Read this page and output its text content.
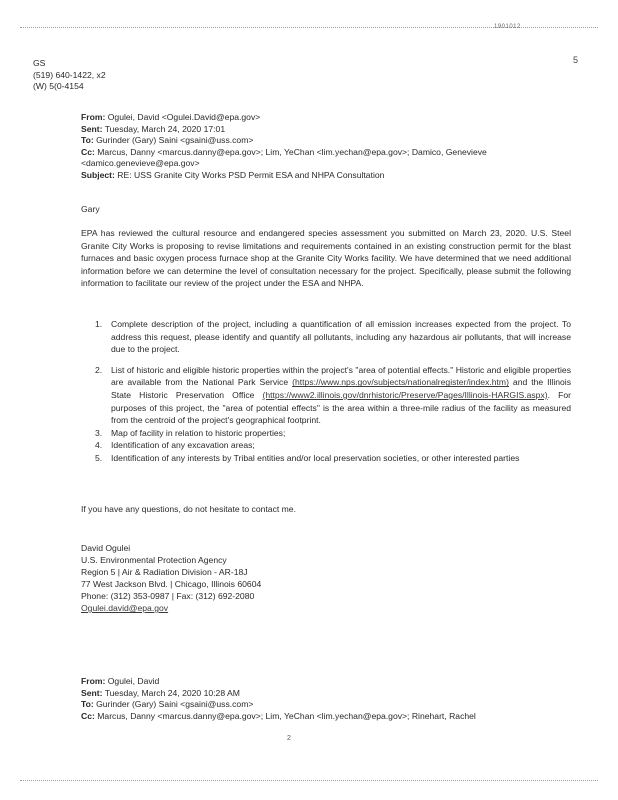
1901012
5
GS
(519) 640-1422, x2
(W) 5(0-4154
From: Ogulei, David <Ogulei.David@epa.gov>
Sent: Tuesday, March 24, 2020 17:01
To: Gurinder (Gary) Saini <gsaini@uss.com>
Cc: Marcus, Danny <marcus.danny@epa.gov>; Lim, YeChan <lim.yechan@epa.gov>; Damico, Genevieve
<damico.genevieve@epa.gov>
Subject: RE: USS Granite City Works PSD Permit ESA and NHPA Consultation
Gary

EPA has reviewed the cultural resource and endangered species assessment you submitted on March 23, 2020. U.S. Steel Granite City Works is proposing to revise limitations and requirements contained in an existing construction permit for the blast furnaces and basic oxygen process furnace shop at the Granite City Works facility. We have determined that we need additional information before we can determine the level of consultation necessary for the project. Specifically, please submit the following information to facilitate our review of the project under the ESA and NHPA.

1. Complete description of the project, including a quantification of all emission increases expected from the project. To address this request, please identify and quantify all pollutants, including any hazardous air pollutants, that will increase due to the project.
2. List of historic and eligible historic properties within the project's "area of potential effects." Historic and eligible properties are available from the National Park Service (https://www.nps.gov/subjects/nationalregister/index.htm) and the Illinois State Historic Preservation Office (https://www2.illinois.gov/dnrhistoric/Preserve/Pages/Illinois-HARGIS.aspx). For purposes of this project, the "area of potential effects" is the area within a three-mile radius of the facility as measured from the centroid of the project's geographical footprint.
3. Map of facility in relation to historic properties;
4. Identification of any excavation areas;
5. Identification of any interests by Tribal entities and/or local preservation societies, or other interested parties
If you have any questions, do not hesitate to contact me.
David Ogulei
U.S. Environmental Protection Agency
Region 5 | Air & Radiation Division - AR-18J
77 West Jackson Blvd. | Chicago, Illinois 60604
Phone: (312) 353-0987 | Fax: (312) 692-2080
Ogulei.david@epa.gov
From: Ogulei, David
Sent: Tuesday, March 24, 2020 10:28 AM
To: Gurinder (Gary) Saini <gsaini@uss.com>
Cc: Marcus, Danny <marcus.danny@epa.gov>; Lim, YeChan <lim.yechan@epa.gov>; Rinehart, Rachel
2
